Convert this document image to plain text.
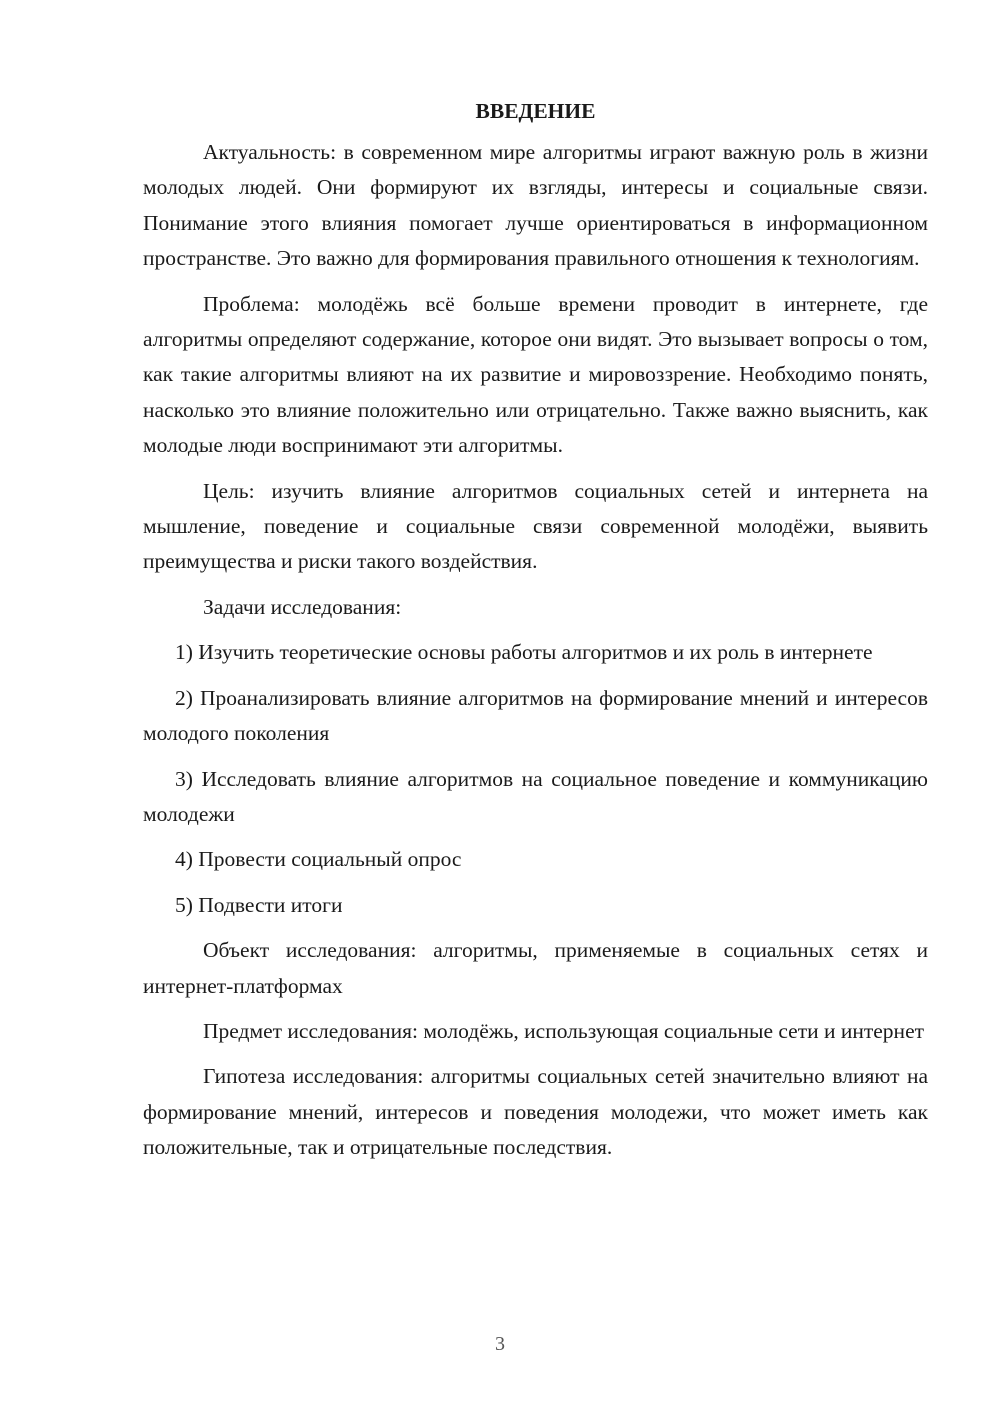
ВВЕДЕНИЕ

Актуальность: в современном мире алгоритмы играют важную роль в жизни молодых людей. Они формируют их взгляды, интересы и социальные связи. Понимание этого влияния помогает лучше ориентироваться в информационном пространстве. Это важно для формирования правильного отношения к технологиям.

Проблема: молодёжь всё больше времени проводит в интернете, где алгоритмы определяют содержание, которое они видят. Это вызывает вопросы о том, как такие алгоритмы влияют на их развитие и мировоззрение. Необходимо понять, насколько это влияние положительно или отрицательно. Также важно выяснить, как молодые люди воспринимают эти алгоритмы.

Цель: изучить влияние алгоритмов социальных сетей и интернета на мышление, поведение и социальные связи современной молодёжи, выявить преимущества и риски такого воздействия.

Задачи исследования:

1) Изучить теоретические основы работы алгоритмов и их роль в интернете

2) Проанализировать влияние алгоритмов на формирование мнений и интересов молодого поколения

3) Исследовать влияние алгоритмов на социальное поведение и коммуникацию молодежи

4) Провести социальный опрос

5) Подвести итоги

Объект исследования: алгоритмы, применяемые в социальных сетях и интернет-платформах

Предмет исследования: молодёжь, использующая социальные сети и интернет

Гипотеза исследования: алгоритмы социальных сетей значительно влияют на формирование мнений, интересов и поведения молодежи, что может иметь как положительные, так и отрицательные последствия.

3
